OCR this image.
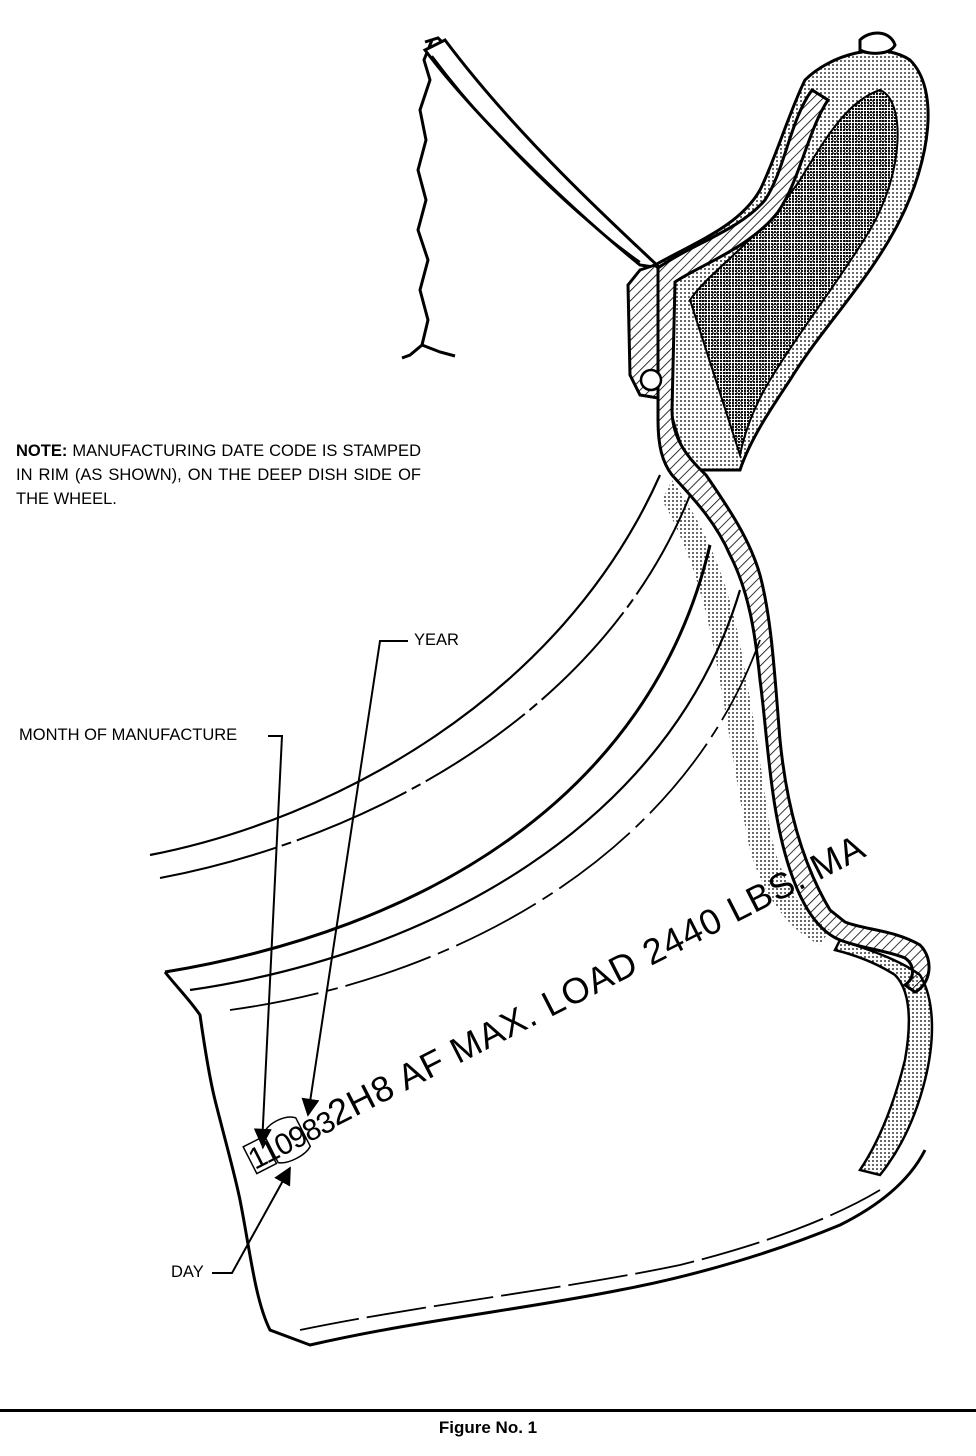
110983
2H8 AF MAX. LOAD 2440 LBS. MA
NOTE: MANUFACTURING DATE CODE IS STAMPED IN RIM (AS SHOWN), ON THE DEEP DISH SIDE OF THE WHEEL.
YEAR
MONTH OF MANUFACTURE
DAY
Figure No. 1
